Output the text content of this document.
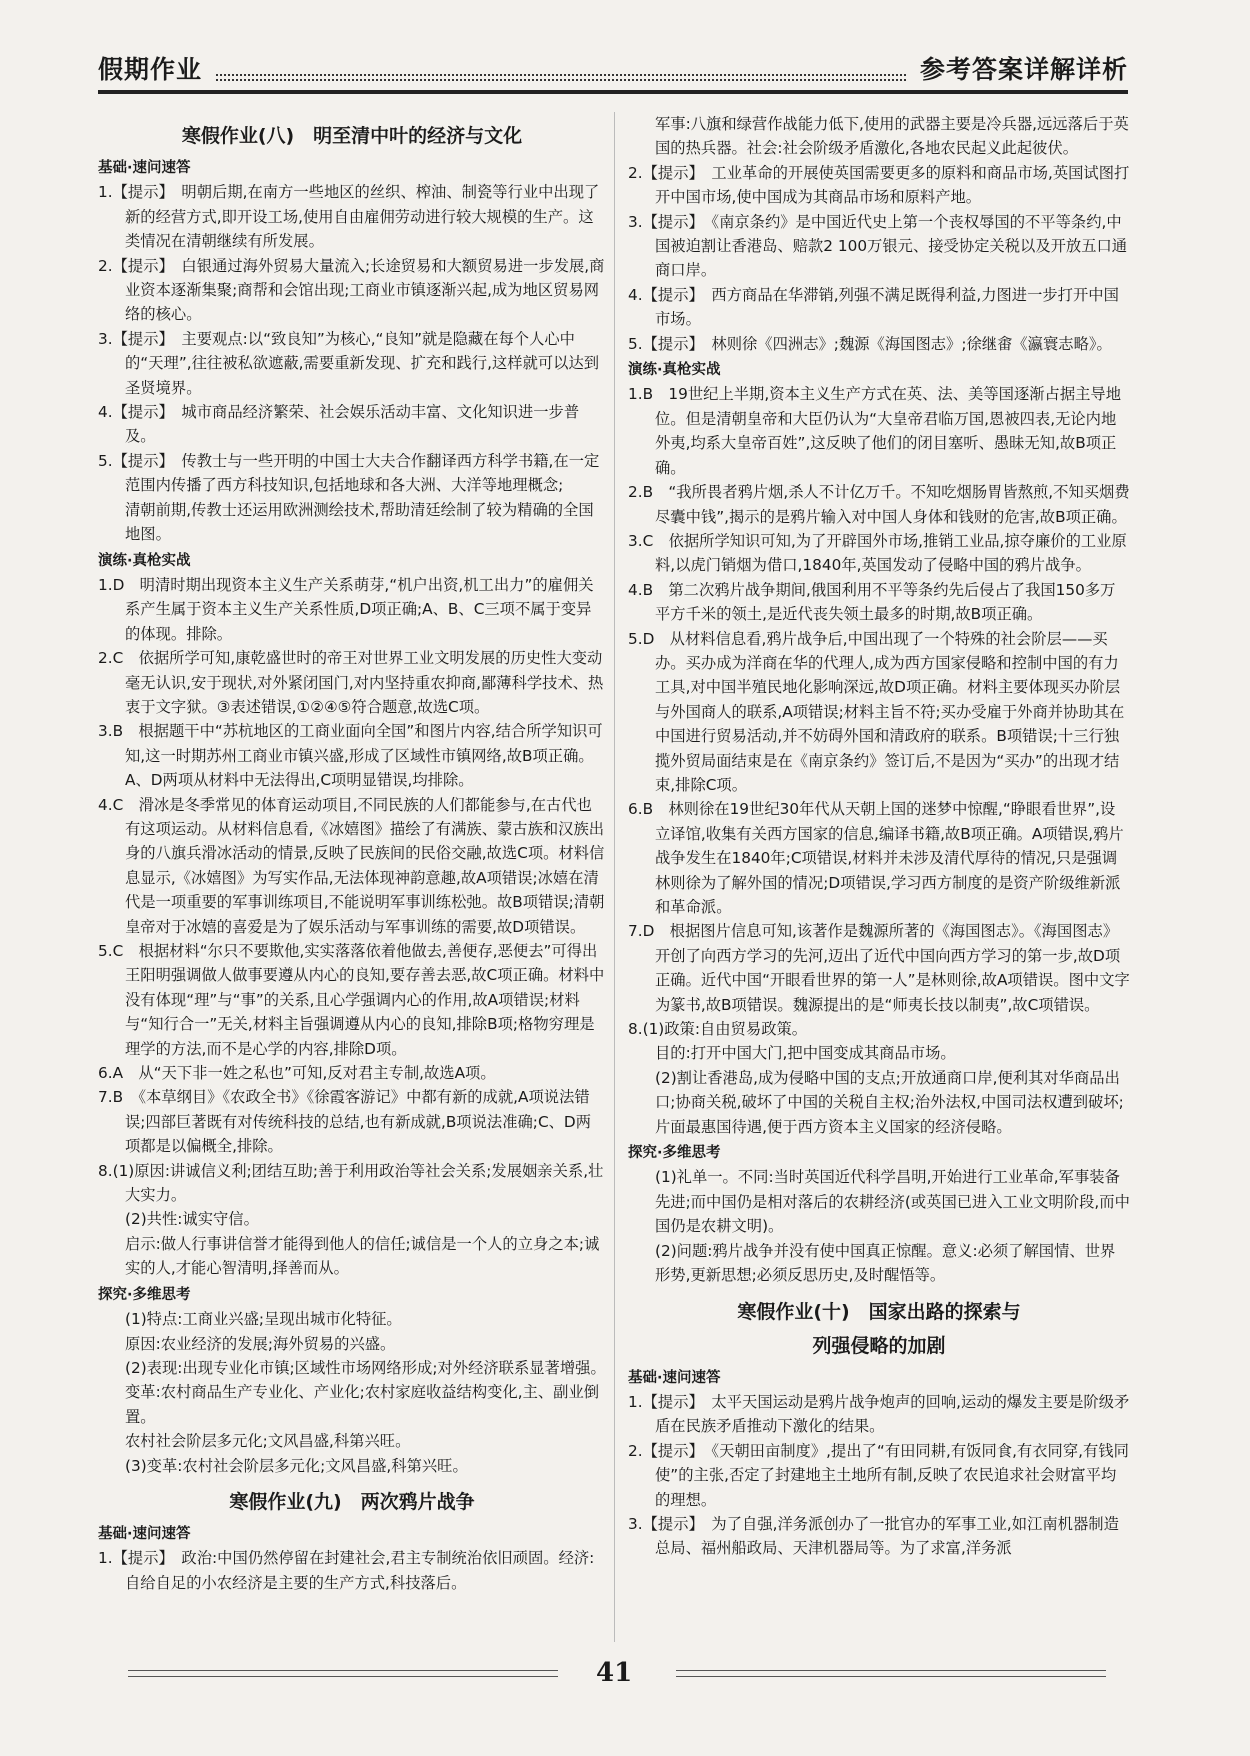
假期作业	参考答案详解详析
寒假作业(八)　明至清中叶的经济与文化
基础·速问速答
1.【提示】　明朝后期,在南方一些地区的丝织、榨油、制瓷等行业中出现了新的经营方式,即开设工场,使用自由雇佣劳动进行较大规模的生产。这类情况在清朝继续有所发展。
2.【提示】　白银通过海外贸易大量流入;长途贸易和大额贸易进一步发展,商业资本逐渐集聚;商帮和会馆出现;工商业市镇逐渐兴起,成为地区贸易网络的核心。
3.【提示】　主要观点:以“致良知”为核心,“良知”就是隐藏在每个人心中的“天理”,往往被私欲遮蔽,需要重新发现、扩充和践行,这样就可以达到圣贤境界。
4.【提示】　城市商品经济繁荣、社会娱乐活动丰富、文化知识进一步普及。
5.【提示】　传教士与一些开明的中国士大夫合作翻译西方科学书籍,在一定范围内传播了西方科技知识,包括地球和各大洲、大洋等地理概念;
清朝前期,传教士还运用欧洲测绘技术,帮助清廷绘制了较为精确的全国地图。
演练·真枪实战
1.D　明清时期出现资本主义生产关系萌芽,“机户出资,机工出力”的雇佣关系产生属于资本主义生产关系性质,D项正确;A、B、C三项不属于变异的体现。排除。
2.C　依据所学可知,康乾盛世时的帝王对世界工业文明发展的历史性大变动毫无认识,安于现状,对外紧闭国门,对内坚持重农抑商,鄙薄科学技术、热衷于文字狱。③表述错误,①②④⑤符合题意,故选C项。
3.B　根据题干中“苏杭地区的工商业面向全国”和图片内容,结合所学知识可知,这一时期苏州工商业市镇兴盛,形成了区域性市镇网络,故B项正确。A、D两项从材料中无法得出,C项明显错误,均排除。
4.C　滑冰是冬季常见的体育运动项目,不同民族的人们都能参与,在古代也有这项运动。从材料信息看,《冰嬉图》描绘了有满族、蒙古族和汉族出身的八旗兵滑冰活动的情景,反映了民族间的民俗交融,故选C项。材料信息显示,《冰嬉图》为写实作品,无法体现神韵意趣,故A项错误;冰嬉在清代是一项重要的军事训练项目,不能说明军事训练松弛。故B项错误;清朝皇帝对于冰嬉的喜爱是为了娱乐活动与军事训练的需要,故D项错误。
5.C　根据材料“尔只不要欺他,实实落落依着他做去,善便存,恶便去”可得出王阳明强调做人做事要遵从内心的良知,要存善去恶,故C项正确。材料中没有体现“理”与“事”的关系,且心学强调内心的作用,故A项错误;材料与“知行合一”无关,材料主旨强调遵从内心的良知,排除B项;格物穷理是理学的方法,而不是心学的内容,排除D项。
6.A　从“天下非一姓之私也”可知,反对君主专制,故选A项。
7.B　《本草纲目》《农政全书》《徐霞客游记》中都有新的成就,A项说法错误;四部巨著既有对传统科技的总结,也有新成就,B项说法准确;C、D两项都是以偏概全,排除。
8.(1)原因:讲诚信义利;团结互助;善于利用政治等社会关系;发展姻亲关系,壮大实力。
(2)共性:诚实守信。
启示:做人行事讲信誉才能得到他人的信任;诚信是一个人的立身之本;诚实的人,才能心智清明,择善而从。
探究·多维思考
(1)特点:工商业兴盛;呈现出城市化特征。
原因:农业经济的发展;海外贸易的兴盛。
(2)表现:出现专业化市镇;区域性市场网络形成;对外经济联系显著增强。
变革:农村商品生产专业化、产业化;农村家庭收益结构变化,主、副业倒置。
农村社会阶层多元化;文风昌盛,科第兴旺。
(3)变革:农村社会阶层多元化;文风昌盛,科第兴旺。
寒假作业(九)　两次鸦片战争
基础·速问速答
1.【提示】　政治:中国仍然停留在封建社会,君主专制统治依旧顽固。经济:自给自足的小农经济是主要的生产方式,科技落后。
军事:八旗和绿营作战能力低下,使用的武器主要是冷兵器,远远落后于英国的热兵器。社会:社会阶级矛盾激化,各地农民起义此起彼伏。
2.【提示】　工业革命的开展使英国需要更多的原料和商品市场,英国试图打开中国市场,使中国成为其商品市场和原料产地。
3.【提示】　《南京条约》是中国近代史上第一个丧权辱国的不平等条约,中国被迫割让香港岛、赔款2 100万银元、接受协定关税以及开放五口通商口岸。
4.【提示】　西方商品在华滞销,列强不满足既得利益,力图进一步打开中国市场。
5.【提示】　林则徐《四洲志》;魏源《海国图志》;徐继畬《瀛寰志略》。
演练·真枪实战
1.B　19世纪上半期,资本主义生产方式在英、法、美等国逐渐占据主导地位。但是清朝皇帝和大臣仍认为“大皇帝君临万国,恩被四表,无论内地外夷,均系大皇帝百姓”,这反映了他们的闭目塞听、愚昧无知,故B项正确。
2.B　“我所畏者鸦片烟,杀人不计亿万千。不知吃烟肠胃皆熬煎,不知买烟费尽囊中钱”,揭示的是鸦片输入对中国人身体和钱财的危害,故B项正确。
3.C　依据所学知识可知,为了开辟国外市场,推销工业品,掠夺廉价的工业原料,以虎门销烟为借口,1840年,英国发动了侵略中国的鸦片战争。
4.B　第二次鸦片战争期间,俄国利用不平等条约先后侵占了我国150多万平方千米的领土,是近代丧失领土最多的时期,故B项正确。
5.D　从材料信息看,鸦片战争后,中国出现了一个特殊的社会阶层——买办。买办成为洋商在华的代理人,成为西方国家侵略和控制中国的有力工具,对中国半殖民地化影响深远,故D项正确。材料主要体现买办阶层与外国商人的联系,A项错误;材料主旨不符;买办受雇于外商并协助其在中国进行贸易活动,并不妨碍外国和清政府的联系。B项错误;十三行独揽外贸局面结束是在《南京条约》签订后,不是因为“买办”的出现才结束,排除C项。
6.B　林则徐在19世纪30年代从天朝上国的迷梦中惊醒,“睁眼看世界”,设立译馆,收集有关西方国家的信息,编译书籍,故B项正确。A项错误,鸦片战争发生在1840年;C项错误,材料并未涉及清代厚待的情况,只是强调林则徐为了解外国的情况;D项错误,学习西方制度的是资产阶级维新派和革命派。
7.D　根据图片信息可知,该著作是魏源所著的《海国图志》。《海国图志》开创了向西方学习的先河,迈出了近代中国向西方学习的第一步,故D项正确。近代中国“开眼看世界的第一人”是林则徐,故A项错误。图中文字为篆书,故B项错误。魏源提出的是“师夷长技以制夷”,故C项错误。
8.(1)政策:自由贸易政策。
目的:打开中国大门,把中国变成其商品市场。
(2)割让香港岛,成为侵略中国的支点;开放通商口岸,便利其对华商品出口;协商关税,破坏了中国的关税自主权;治外法权,中国司法权遭到破坏;片面最惠国待遇,便于西方资本主义国家的经济侵略。
探究·多维思考
(1)礼单一。不同:当时英国近代科学昌明,开始进行工业革命,军事装备先进;而中国仍是相对落后的农耕经济(或英国已进入工业文明阶段,而中国仍是农耕文明)。
(2)问题:鸦片战争并没有使中国真正惊醒。意义:必须了解国情、世界形势,更新思想;必须反思历史,及时醒悟等。
寒假作业(十)　国家出路的探索与
列强侵略的加剧
基础·速问速答
1.【提示】　太平天国运动是鸦片战争炮声的回响,运动的爆发主要是阶级矛盾在民族矛盾推动下激化的结果。
2.【提示】　《天朝田亩制度》,提出了“有田同耕,有饭同食,有衣同穿,有钱同使”的主张,否定了封建地主土地所有制,反映了农民追求社会财富平均的理想。
3.【提示】　为了自强,洋务派创办了一批官办的军事工业,如江南机器制造总局、福州船政局、天津机器局等。为了求富,洋务派
41
